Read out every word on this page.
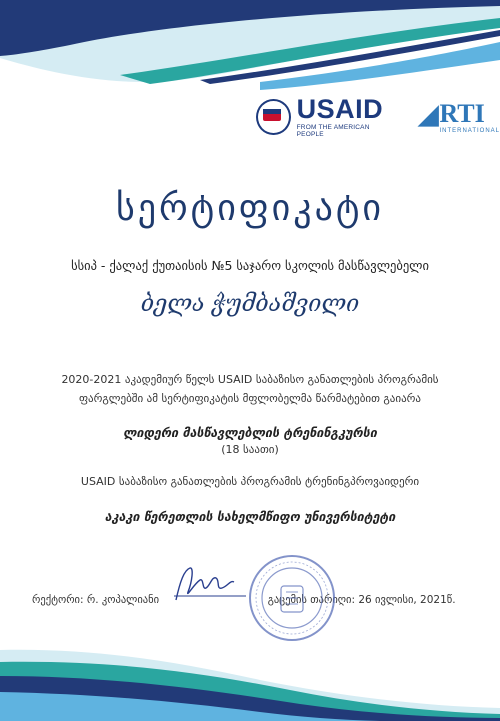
USAID
FROM THE AMERICAN PEOPLE
◢ RTI
INTERNATIONAL
სერტიფიკატი
სსიპ - ქალაქ ქუთაისის №5 საჯარო სკოლის მასწავლებელი
ბელა ჭუმბაშვილი
2020-2021 აკადემიურ წელს USAID საბაზისო განათლების პროგრამის
ფარგლებში ამ სერტიფიკატის მფლობელმა წარმატებით გაიარა
ლიდერი მასწავლებლის ტრენინგკურსი
(18 საათი)
USAID საბაზისო განათლების პროგრამის ტრენინგპროვაიდერი
აკაკი წერეთლის სახელმწიფო უნივერსიტეტი
რექტორი: რ. კოპალიანი	გაცემის თარიღი: 26 ივლისი, 2021წ.
